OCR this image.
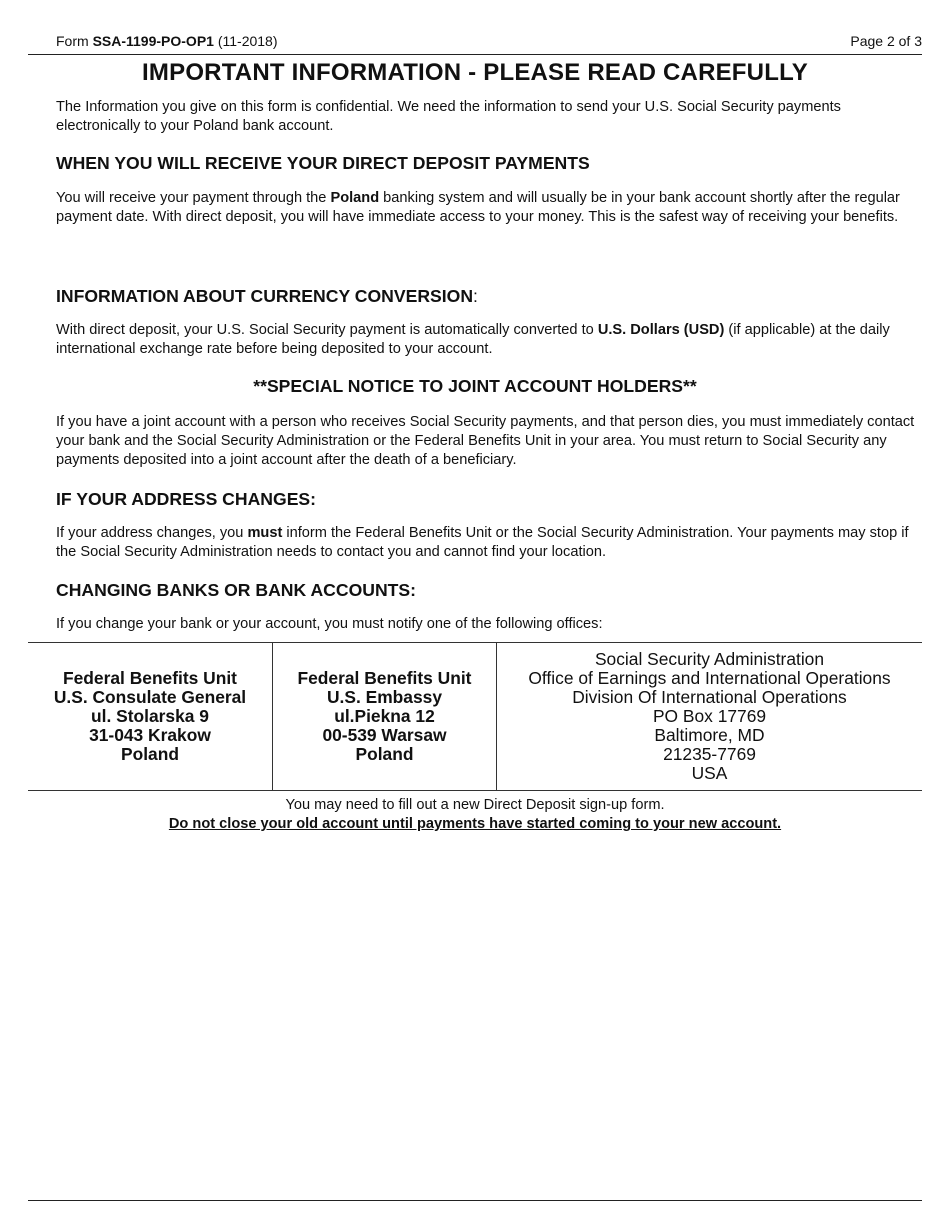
Form SSA-1199-PO-OP1 (11-2018)	Page 2 of 3
IMPORTANT INFORMATION - PLEASE READ CAREFULLY

The Information you give on this form is confidential. We need the information to send your U.S. Social Security payments electronically to your Poland bank account.

WHEN YOU WILL RECEIVE YOUR DIRECT DEPOSIT PAYMENTS

You will receive your payment through the Poland banking system and will usually be in your bank account shortly after the regular payment date. With direct deposit, you will have immediate access to your money. This is the safest way of receiving your benefits.

INFORMATION ABOUT CURRENCY CONVERSION:

With direct deposit, your U.S. Social Security payment is automatically converted to U.S. Dollars (USD) (if applicable) at the daily international exchange rate before being deposited to your account.

**SPECIAL NOTICE TO JOINT ACCOUNT HOLDERS**

If you have a joint account with a person who receives Social Security payments, and that person dies, you must immediately contact your bank and the Social Security Administration or the Federal Benefits Unit in your area. You must return to Social Security any payments deposited into a joint account after the death of a beneficiary.

IF YOUR ADDRESS CHANGES:

If your address changes, you must inform the Federal Benefits Unit or the Social Security Administration. Your payments may stop if the Social Security Administration needs to contact you and cannot find your location.

CHANGING BANKS OR BANK ACCOUNTS:

If you change your bank or your account, you must notify one of the following offices:

Federal Benefits Unit
U.S. Consulate General
ul. Stolarska 9
31-043 Krakow
Poland
Federal Benefits Unit
U.S. Embassy
ul.Piekna 12
00-539 Warsaw
Poland
Social Security Administration
Office of Earnings and International Operations
Division Of International Operations
PO Box 17769
Baltimore, MD
21235-7769
USA
You may need to fill out a new Direct Deposit sign-up form.
Do not close your old account until payments have started coming to your new account.
